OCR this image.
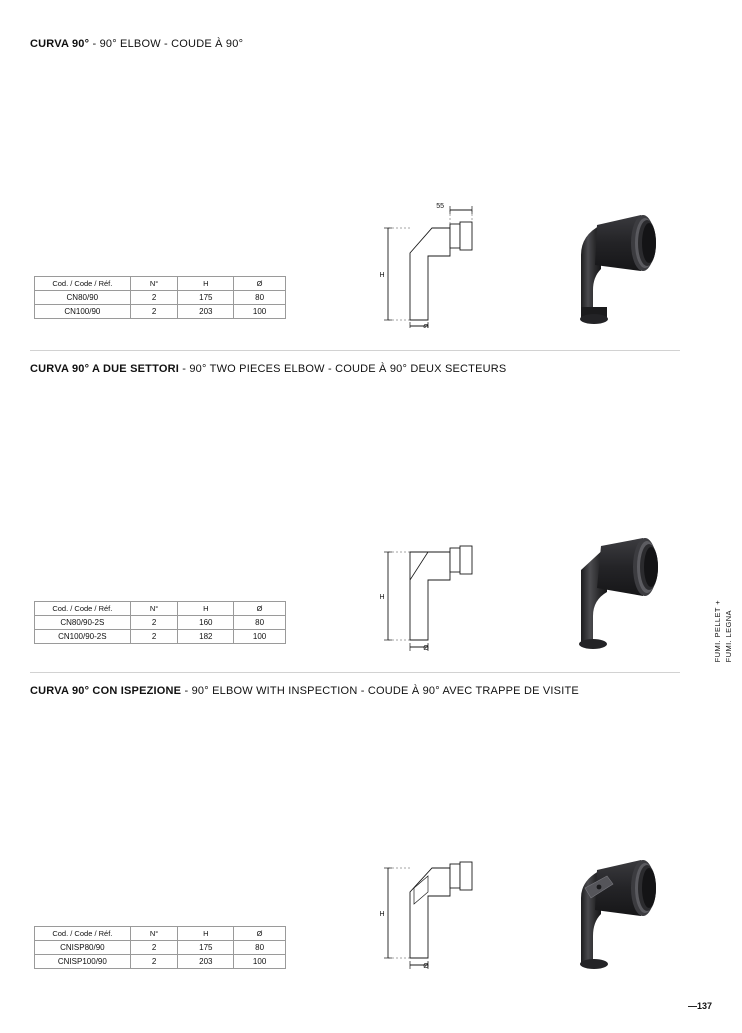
CURVA 90° - 90° ELBOW - COUDE À 90°
55
H
Ø
Cod. / Code / Réf.	N°	H	Ø
CN80/90	2	175	80
CN100/90	2	203	100
CURVA 90° A DUE SETTORI - 90° TWO PIECES ELBOW - COUDE À 90° DEUX SECTEURS
H
Ø
Cod. / Code / Réf.	N°	H	Ø
CN80/90-2S	2	160	80
CN100/90-2S	2	182	100
CURVA 90° CON ISPEZIONE - 90° ELBOW WITH INSPECTION - COUDE À 90° AVEC TRAPPE DE VISITE
H
Ø
Cod. / Code / Réf.	N°	H	Ø
CNISP80/90	2	175	80
CNISP100/90	2	203	100
FUMI. PELLET + FUMI. LEGNA
—137
